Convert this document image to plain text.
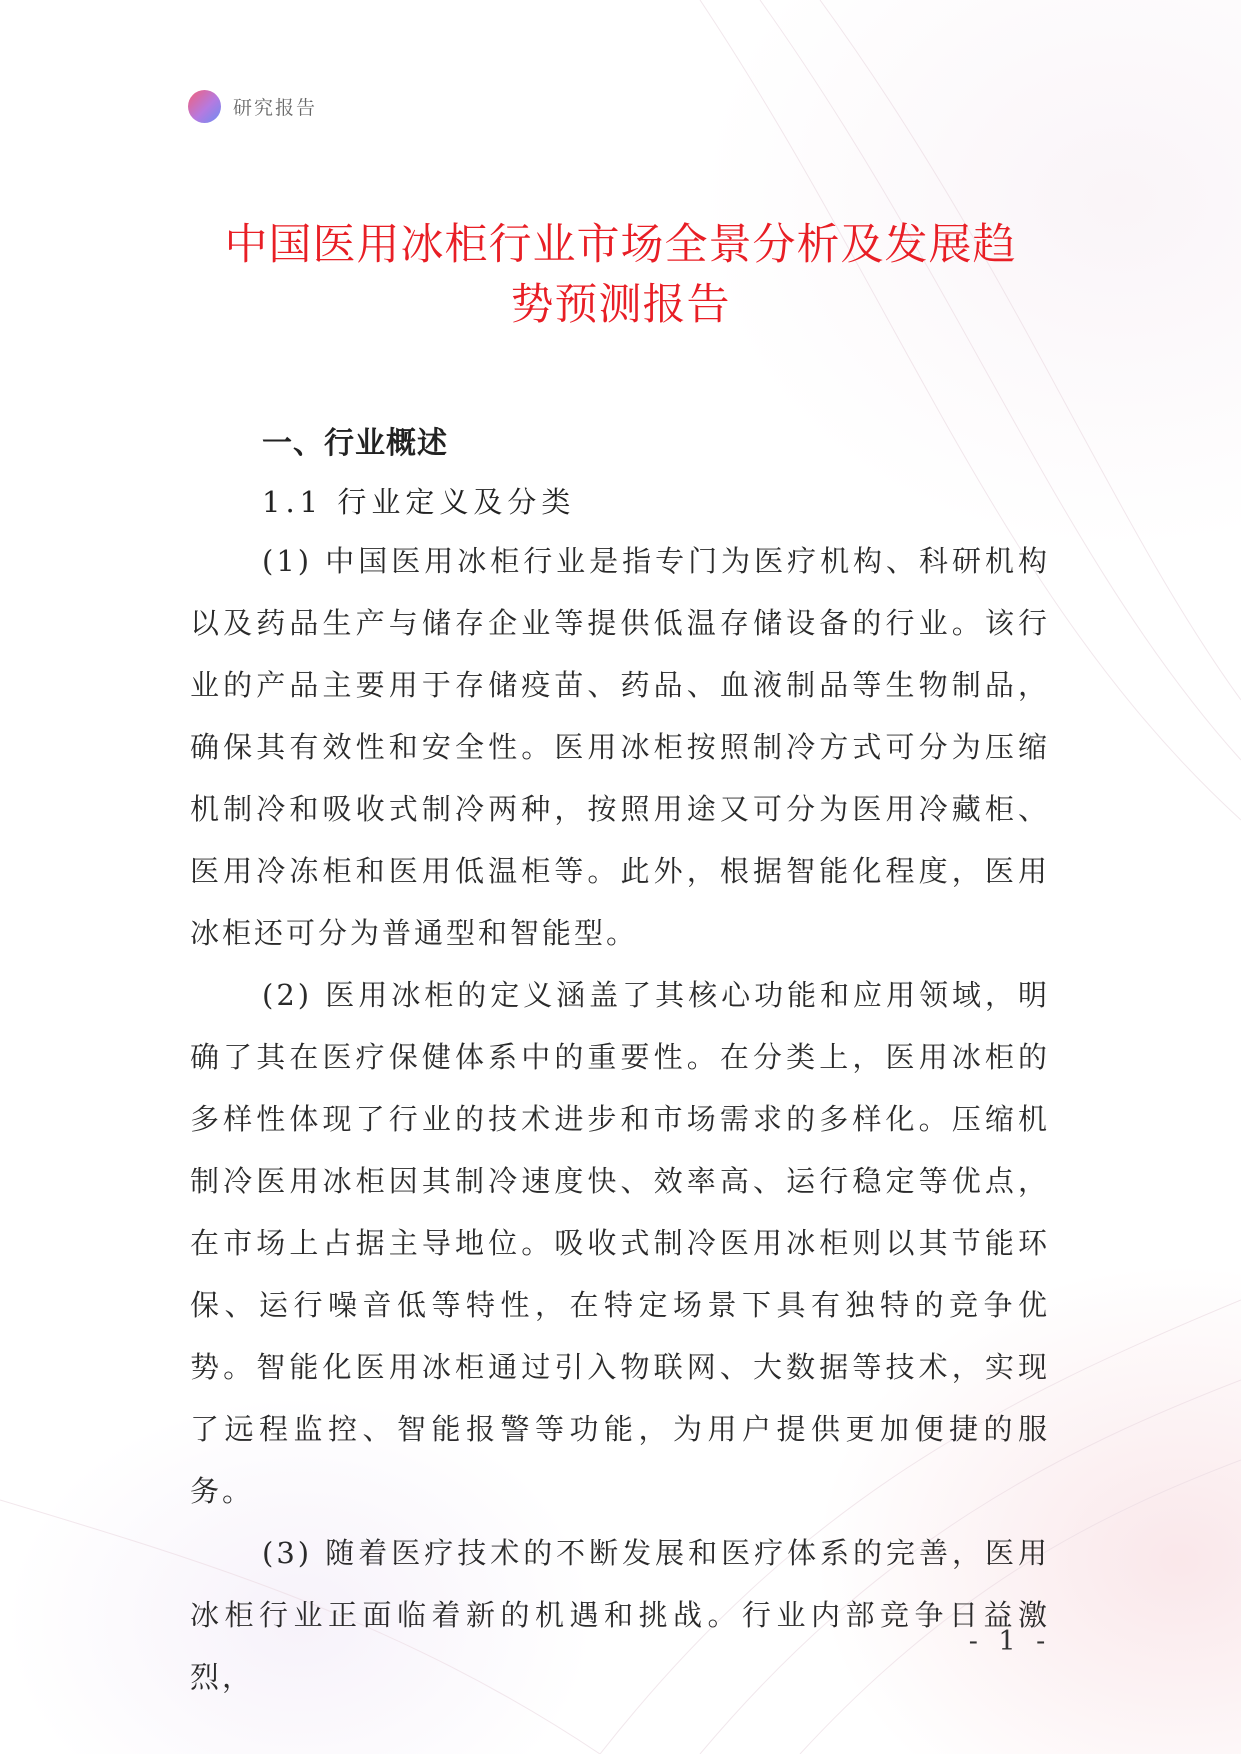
研究报告
中国医用冰柜行业市场全景分析及发展趋
势预测报告
一、行业概述
1.1 行业定义及分类

(1) 中国医用冰柜行业是指专门为医疗机构、科研机构以及药品生产与储存企业等提供低温存储设备的行业。该行业的产品主要用于存储疫苗、药品、血液制品等生物制品，确保其有效性和安全性。医用冰柜按照制冷方式可分为压缩机制冷和吸收式制冷两种，按照用途又可分为医用冷藏柜、医用冷冻柜和医用低温柜等。此外，根据智能化程度，医用冰柜还可分为普通型和智能型。

(2) 医用冰柜的定义涵盖了其核心功能和应用领域，明确了其在医疗保健体系中的重要性。在分类上，医用冰柜的多样性体现了行业的技术进步和市场需求的多样化。压缩机制冷医用冰柜因其制冷速度快、效率高、运行稳定等优点，在市场上占据主导地位。吸收式制冷医用冰柜则以其节能环保、运行噪音低等特性，在特定场景下具有独特的竞争优势。智能化医用冰柜通过引入物联网、大数据等技术，实现了远程监控、智能报警等功能，为用户提供更加便捷的服务。

(3) 随着医疗技术的不断发展和医疗体系的完善，医用冰柜行业正面临着新的机遇和挑战。行业内部竞争日益激烈，

- 1 -
